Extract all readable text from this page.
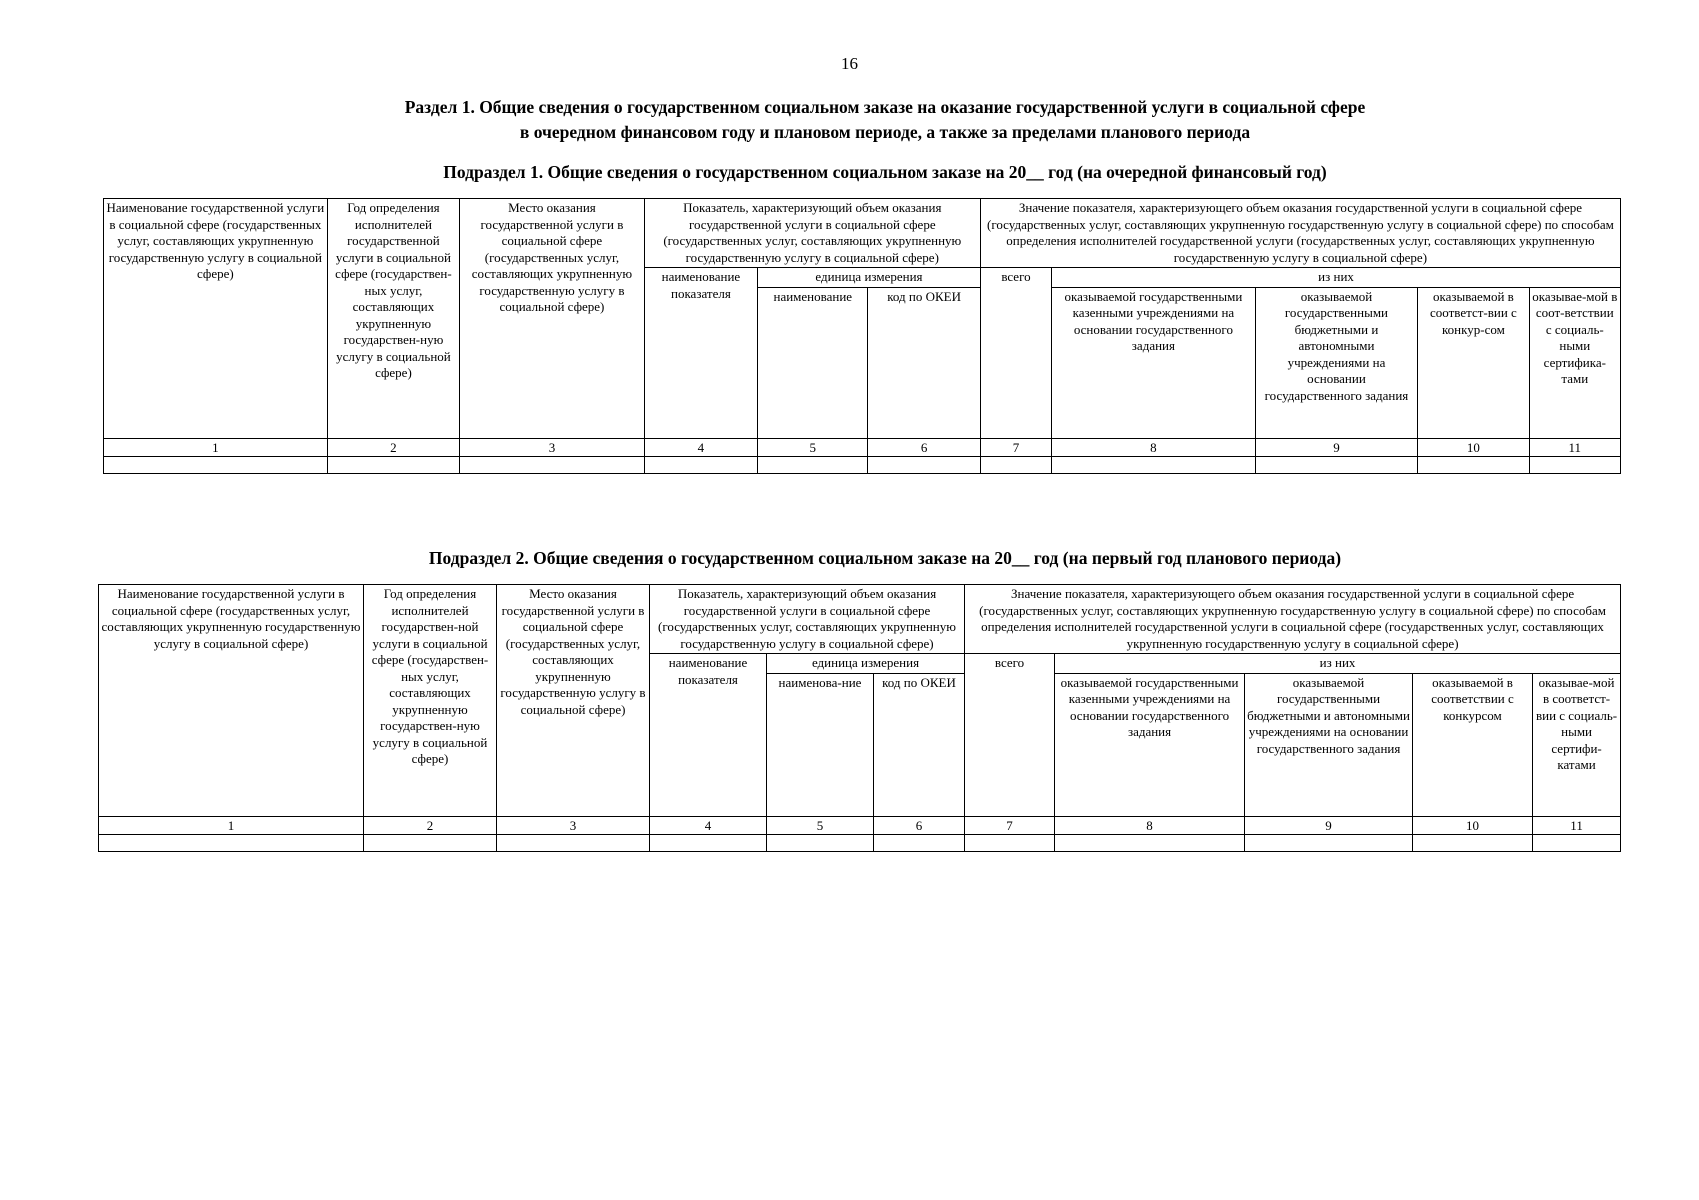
16
Раздел 1. Общие сведения о государственном социальном заказе на оказание государственной услуги в социальной сфере
в очередном финансовом году и плановом периоде, а также за пределами планового периода
Подраздел 1. Общие сведения о государственном социальном заказе на 20__ год (на очередной финансовый год)
Наименование государственной услуги в социальной сфере (государственных услуг, составляющих укрупненную государственную услугу в социальной сфере)	Год определения исполнителей государственной услуги в социальной сфере (государствен-ных услуг, составляющих укрупненную государствен-ную услугу в социальной сфере)	Место оказания государственной услуги в социальной сфере (государственных услуг, составляющих укрупненную государственную услугу в социальной сфере)	Показатель, характеризующий объем оказания государственной услуги в социальной сфере (государственных услуг, составляющих укрупненную государственную услугу в социальной сфере)			Значение показателя, характеризующего объем оказания государственной услуги в социальной сфере (государственных услуг, составляющих укрупненную государственную услугу в социальной сфере) по способам определения исполнителей государственной услуги (государственных услуг, составляющих укрупненную государственную услугу в социальной сфере)				
			наименование показателя	единица измерения		всего	из них			
				наименование	код по ОКЕИ		оказываемой государственными казенными учреждениями на основании государственного задания	оказываемой государственными бюджетными и автономными учреждениями на основании государственного задания	оказываемой в соответст-вии с конкур-сом	оказывае-мой в соот-ветствии с социаль-ными сертифика-тами

1	2	3	4	5	6	7	8	9	10	11

Подраздел 2. Общие сведения о государственном социальном заказе на 20__ год (на первый год планового периода)
Наименование государственной услуги в социальной сфере (государственных услуг, составляющих укрупненную государственную услугу в социальной сфере)	Год определения исполнителей государствен-ной услуги в социальной сфере (государствен-ных услуг, составляющих укрупненную государствен-ную услугу в социальной сфере)	Место оказания государственной услуги в социальной сфере (государственных услуг, составляющих укрупненную государственную услугу в социальной сфере)	Показатель, характеризующий объем оказания государственной услуги в социальной сфере (государственных услуг, составляющих укрупненную государственную услугу в социальной сфере)			Значение показателя, характеризующего объем оказания государственной услуги в социальной сфере (государственных услуг, составляющих укрупненную государственную услугу в социальной сфере) по способам определения исполнителей государственной услуги в социальной сфере (государственных услуг, составляющих укрупненную государственную услугу в социальной сфере)				
			наименование показателя	единица измерения		всего	из них			
				наименова-ние	код по ОКЕИ		оказываемой государственными казенными учреждениями на основании государственного задания	оказываемой государственными бюджетными и автономными учреждениями на основании государственного задания	оказываемой в соответствии с конкурсом	оказывае-мой в соответст-вии с социаль-ными сертифи-катами

1	2	3	4	5	6	7	8	9	10	11
